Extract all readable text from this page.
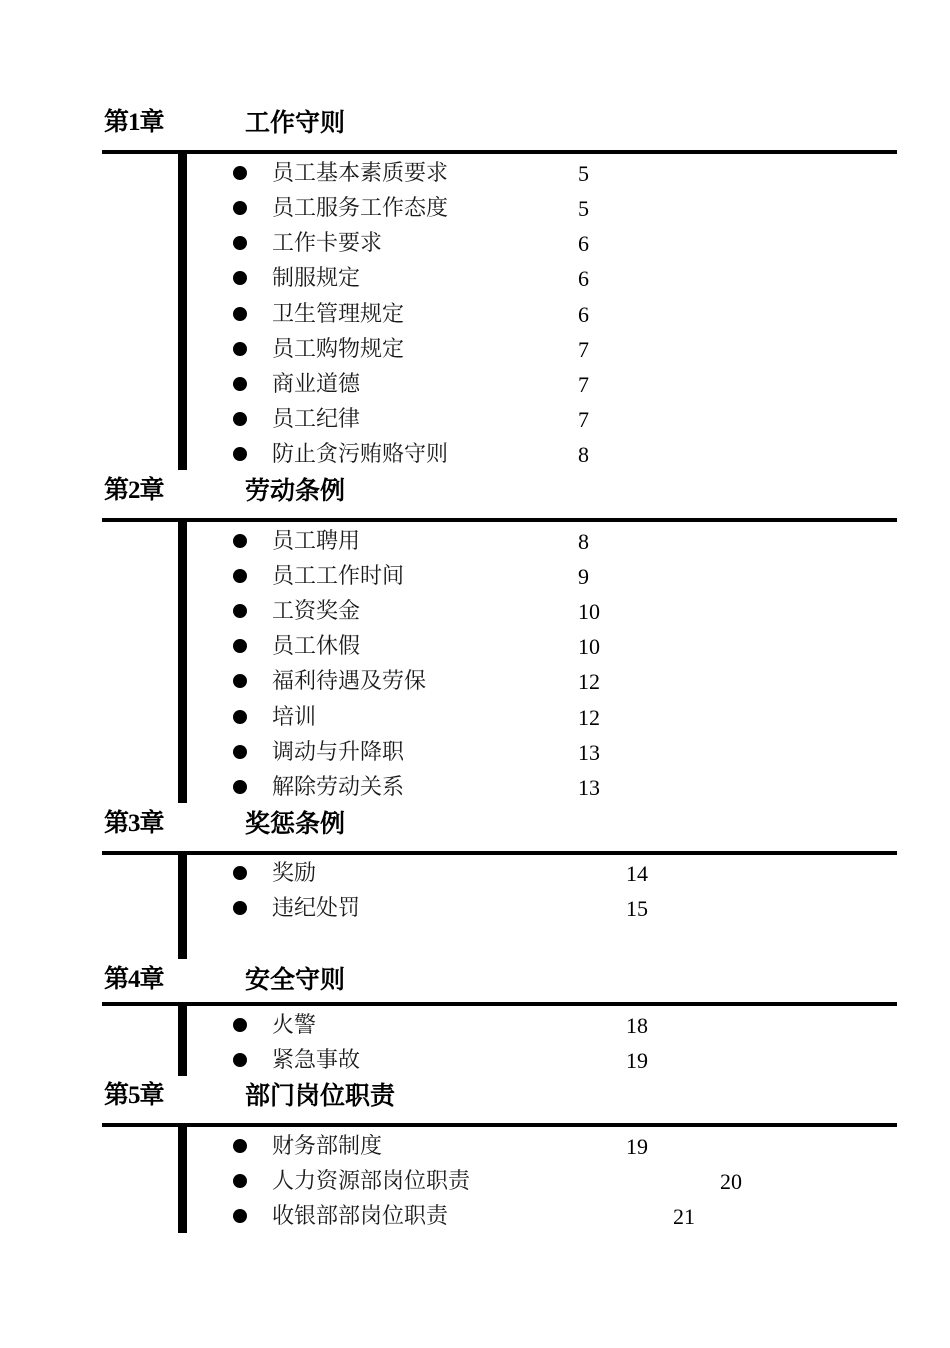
第1章	工作守则
员工基本素质要求	5
员工服务工作态度	5
工作卡要求	6
制服规定	6
卫生管理规定	6
员工购物规定	7
商业道德	7
员工纪律	7
防止贪污贿赂守则	8
第2章	劳动条例
员工聘用	8
员工工作时间	9
工资奖金	10
员工休假	10
福利待遇及劳保	12
培训	12
调动与升降职	13
解除劳动关系	13
第3章	奖惩条例
奖励	14
违纪处罚	15
第4章	安全守则
火警	18
紧急事故	19
第5章	部门岗位职责
财务部制度	19
人力资源部岗位职责	20
收银部部岗位职责	21
